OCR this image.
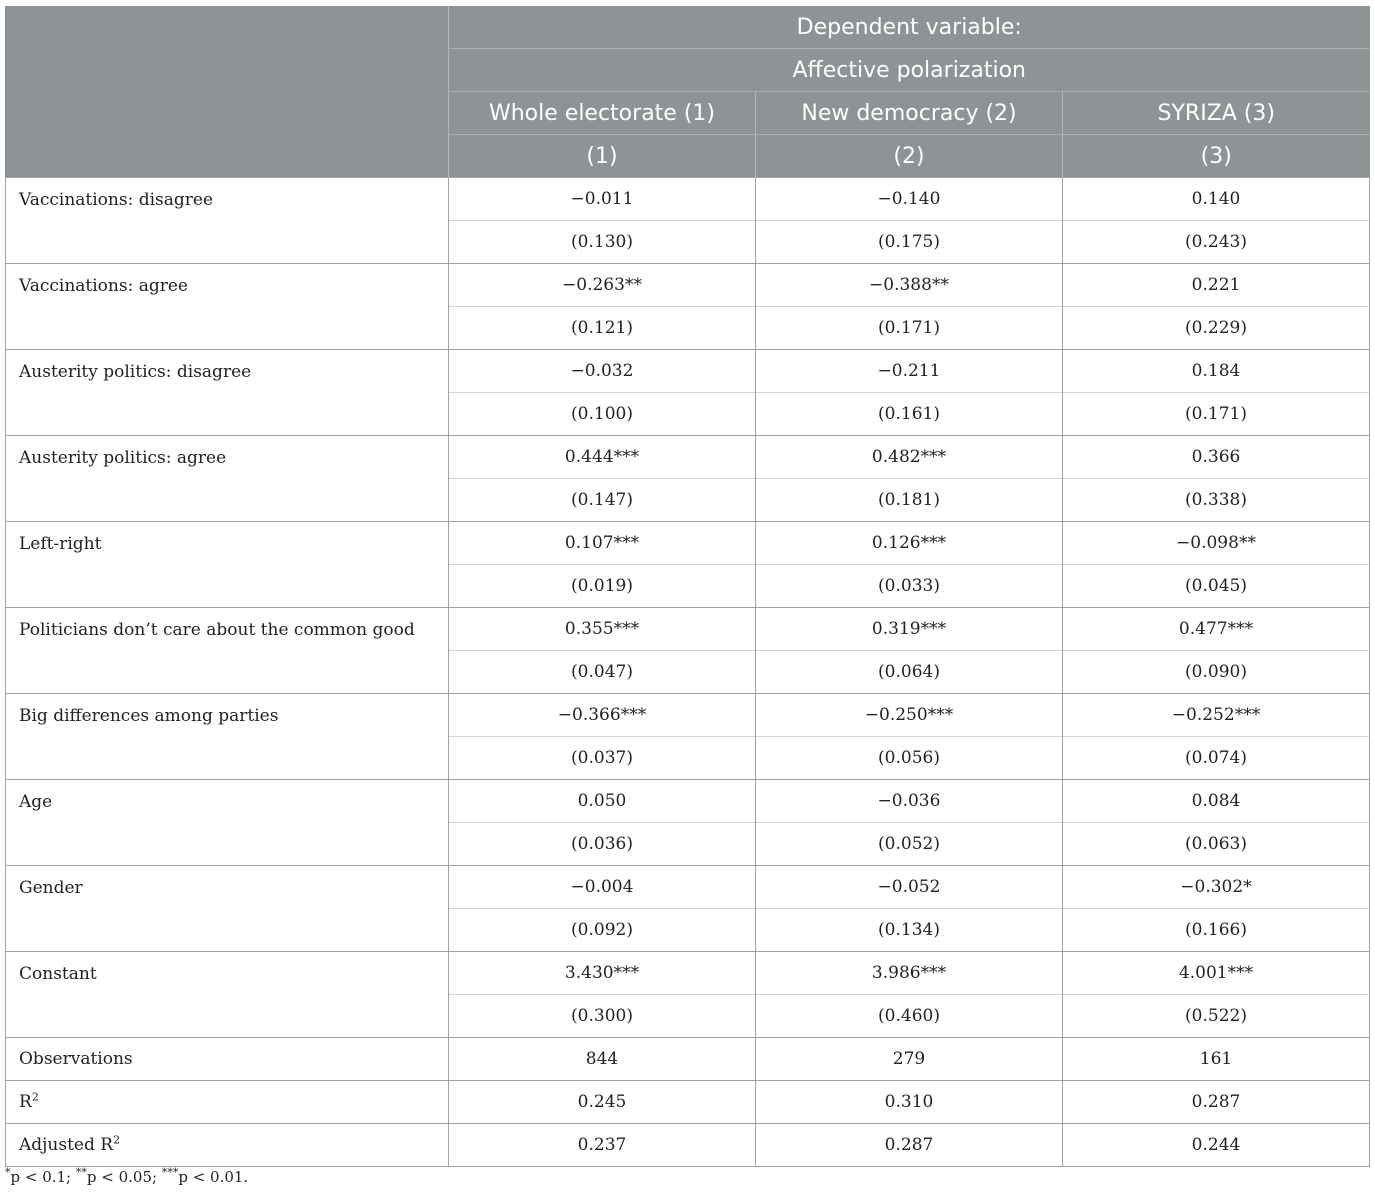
	Dependent variable:		
	Affective polarization		
	Whole electorate (1)	New democracy (2)	SYRIZA (3)
	(1)	(2)	(3)
Vaccinations: disagree	−0.011	−0.140	0.140
	(0.130)	(0.175)	(0.243)
Vaccinations: agree	−0.263**	−0.388**	0.221
	(0.121)	(0.171)	(0.229)
Austerity politics: disagree	−0.032	−0.211	0.184
	(0.100)	(0.161)	(0.171)
Austerity politics: agree	0.444***	0.482***	0.366
	(0.147)	(0.181)	(0.338)
Left-right	0.107***	0.126***	−0.098**
	(0.019)	(0.033)	(0.045)
Politicians don’t care about the common good	0.355***	0.319***	0.477***
	(0.047)	(0.064)	(0.090)
Big differences among parties	−0.366***	−0.250***	−0.252***
	(0.037)	(0.056)	(0.074)
Age	0.050	−0.036	0.084
	(0.036)	(0.052)	(0.063)
Gender	−0.004	−0.052	−0.302*
	(0.092)	(0.134)	(0.166)
Constant	3.430***	3.986***	4.001***
	(0.300)	(0.460)	(0.522)
Observations	844	279	161
$R^2$	0.245	0.310	0.287
Adjusted $R^2$	0.237	0.287	0.244
*p < 0.1; **p < 0.05; ***p < 0.01.
